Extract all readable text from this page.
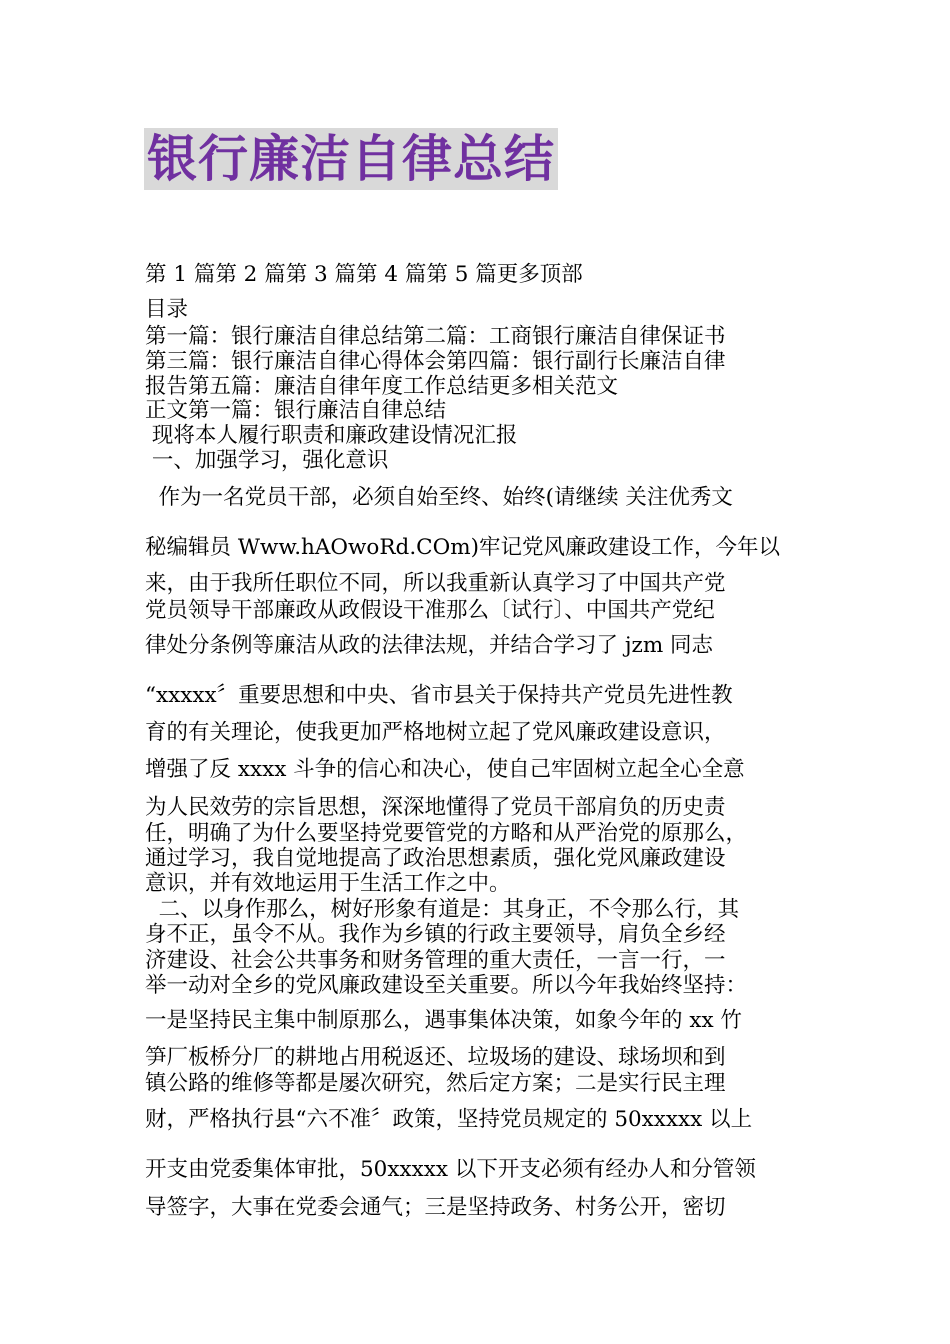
银行廉洁自律总结
第 1 篇第 2 篇第 3 篇第 4 篇第 5 篇更多顶部
目录
第一篇：银行廉洁自律总结第二篇：工商银行廉洁自律保证书
第三篇：银行廉洁自律心得体会第四篇：银行副行长廉洁自律
报告第五篇：廉洁自律年度工作总结更多相关范文
正文第一篇：银行廉洁自律总结
现将本人履行职责和廉政建设情况汇报
一、加强学习，强化意识
作为一名党员干部，必须自始至终、始终(请继续 关注优秀文
秘编辑员 Www.hAOwoRd.COm)牢记党风廉政建设工作，今年以
来，由于我所任职位不同，所以我重新认真学习了中国共产党
党员领导干部廉政从政假设干准那么〔试行〕、中国共产党纪
律处分条例等廉洁从政的法律法规，并结合学习了 jzm 同志
“xxxxx〞重要思想和中央、省市县关于保持共产党员先进性教
育的有关理论，使我更加严格地树立起了党风廉政建设意识，
增强了反 xxxx 斗争的信心和决心，使自己牢固树立起全心全意
为人民效劳的宗旨思想，深深地懂得了党员干部肩负的历史责
任，明确了为什么要坚持党要管党的方略和从严治党的原那么，
通过学习，我自觉地提高了政治思想素质，强化党风廉政建设
意识，并有效地运用于生活工作之中。
二、以身作那么，树好形象有道是：其身正，不令那么行，其
身不正，虽令不从。我作为乡镇的行政主要领导，肩负全乡经
济建设、社会公共事务和财务管理的重大责任，一言一行，一
举一动对全乡的党风廉政建设至关重要。所以今年我始终坚持：
一是坚持民主集中制原那么，遇事集体决策，如象今年的 xx 竹
笋厂板桥分厂的耕地占用税返还、垃圾场的建设、球场坝和到
镇公路的维修等都是屡次研究，然后定方案；二是实行民主理
财，严格执行县“六不准〞政策，坚持党员规定的 50xxxxx 以上
开支由党委集体审批，50xxxxx 以下开支必须有经办人和分管领
导签字，大事在党委会通气；三是坚持政务、村务公开，密切
